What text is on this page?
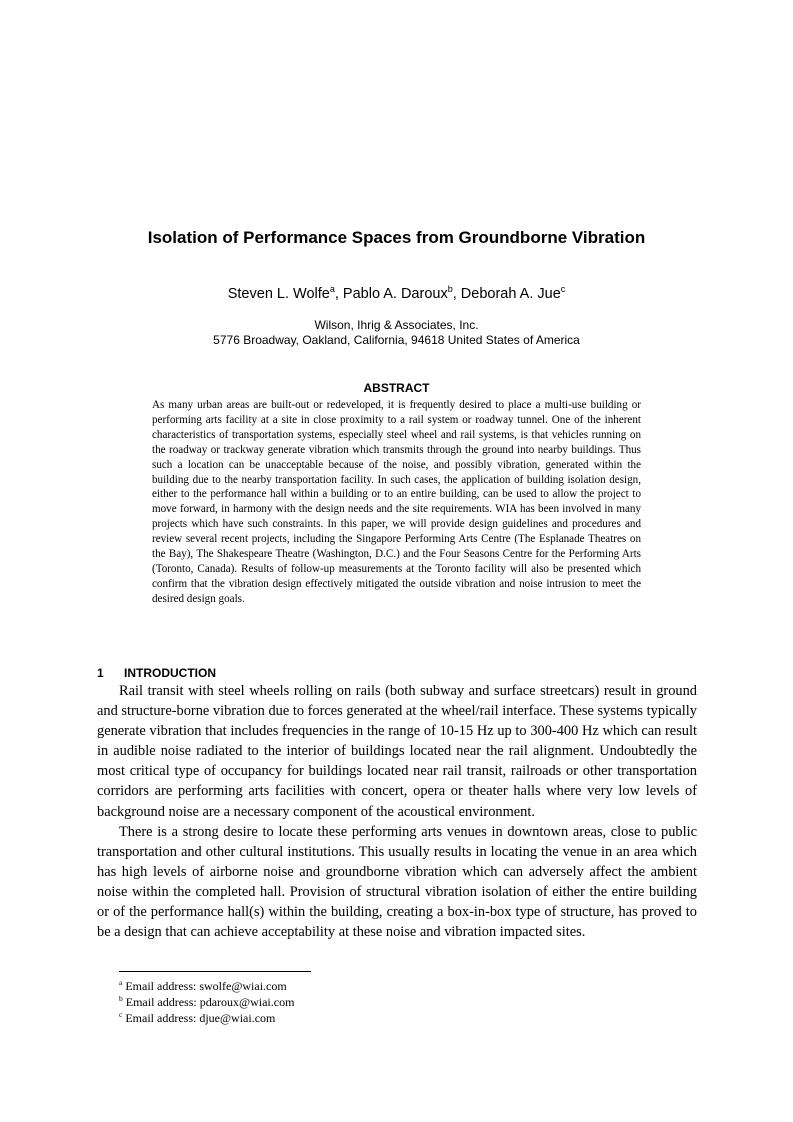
Isolation of Performance Spaces from Groundborne Vibration
Steven L. Wolfe$^a$, Pablo A. Daroux$^b$, Deborah A. Jue$^c$
Wilson, Ihrig & Associates, Inc.
5776 Broadway, Oakland, California, 94618 United States of America
ABSTRACT

As many urban areas are built-out or redeveloped, it is frequently desired to place a multi-use building or performing arts facility at a site in close proximity to a rail system or roadway tunnel. One of the inherent characteristics of transportation systems, especially steel wheel and rail systems, is that vehicles running on the roadway or trackway generate vibration which transmits through the ground into nearby buildings. Thus such a location can be unacceptable because of the noise, and possibly vibration, generated within the building due to the nearby transportation facility. In such cases, the application of building isolation design, either to the performance hall within a building or to an entire building, can be used to allow the project to move forward, in harmony with the design needs and the site requirements. WIA has been involved in many projects which have such constraints. In this paper, we will provide design guidelines and procedures and review several recent projects, including the Singapore Performing Arts Centre (The Esplanade Theatres on the Bay), The Shakespeare Theatre (Washington, D.C.) and the Four Seasons Centre for the Performing Arts (Toronto, Canada). Results of follow-up measurements at the Toronto facility will also be presented which confirm that the vibration design effectively mitigated the outside vibration and noise intrusion to meet the desired design goals.

1 INTRODUCTION

Rail transit with steel wheels rolling on rails (both subway and surface streetcars) result in ground and structure-borne vibration due to forces generated at the wheel/rail interface. These systems typically generate vibration that includes frequencies in the range of 10-15 Hz up to 300-400 Hz which can result in audible noise radiated to the interior of buildings located near the rail alignment. Undoubtedly the most critical type of occupancy for buildings located near rail transit, railroads or other transportation corridors are performing arts facilities with concert, opera or theater halls where very low levels of background noise are a necessary component of the acoustical environment.

There is a strong desire to locate these performing arts venues in downtown areas, close to public transportation and other cultural institutions. This usually results in locating the venue in an area which has high levels of airborne noise and groundborne vibration which can adversely affect the ambient noise within the completed hall. Provision of structural vibration isolation of either the entire building or of the performance hall(s) within the building, creating a box-in-box type of structure, has proved to be a design that can achieve acceptability at these noise and vibration impacted sites.

$^a$ Email address: swolfe@wiai.com
$^b$ Email address: pdaroux@wiai.com
$^c$ Email address: djue@wiai.com
